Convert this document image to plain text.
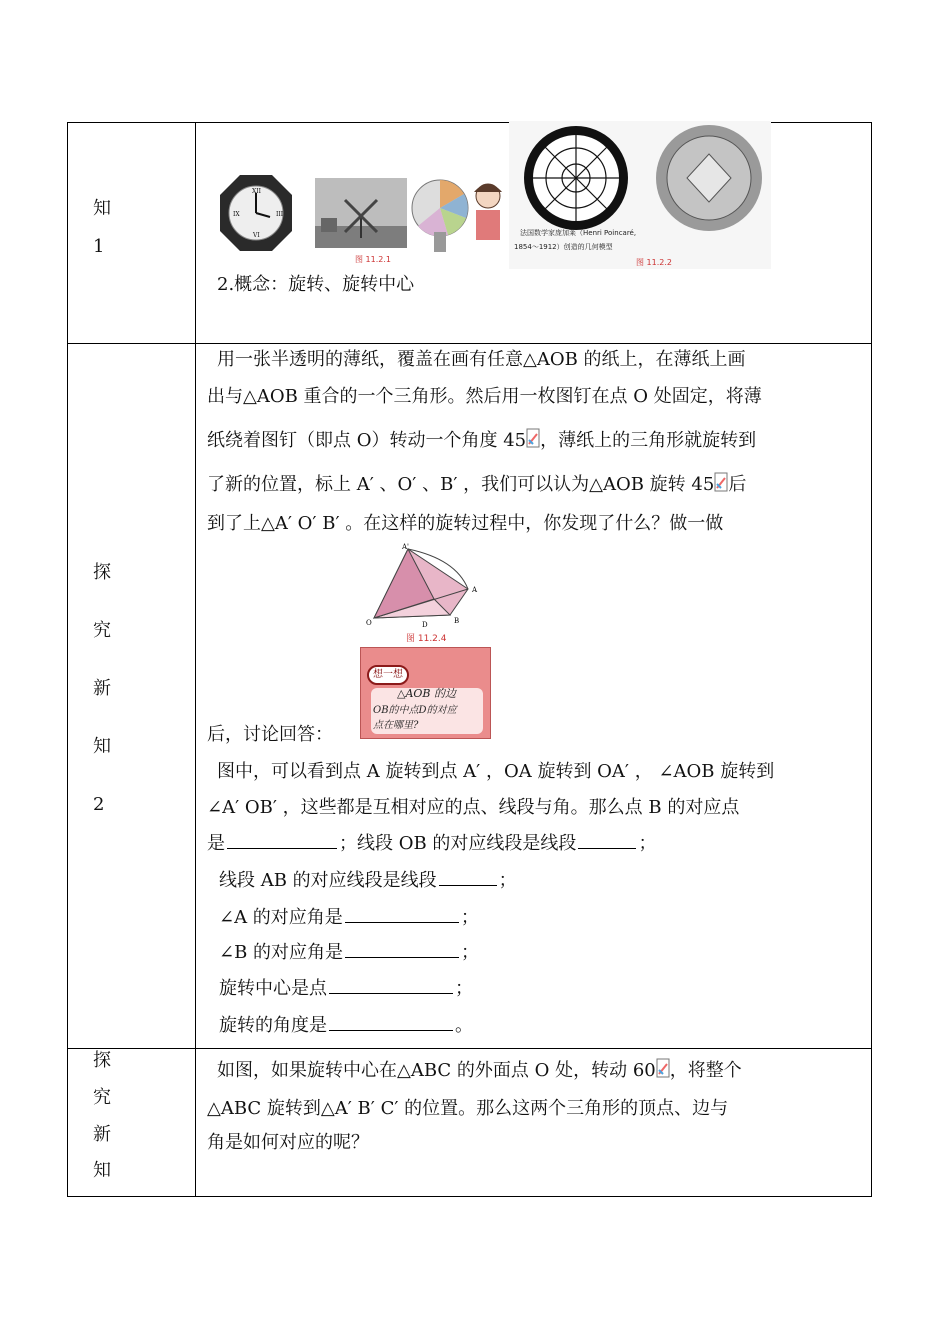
知
1
XII
III
VI
IX
图 11.2.1
法国数学家庞加莱（Henri Poincaré,
1854～1912）创造的几何模型
图 11.2.2
2.概念：旋转、旋转中心
探
究
新
知
2
用一张半透明的薄纸，覆盖在画有任意△AOB 的纸上，在薄纸上画
出与△AOB 重合的一个三角形。然后用一枚图钉在点 O 处固定，将薄
纸绕着图钉（即点 O）转动一个角度 45 ，薄纸上的三角形就旋转到
了新的位置，标上 A′ 、O′ 、B′ ，我们可以认为△AOB 旋转 45 后
到了上△A′ O′ B′ 。在这样的旋转过程中，你发现了什么？做一做
A'
A
O	D	B
图 11.2.4
想一想
△AOB 的边
OB的中点D的对应
点在哪里?
后，讨论回答：
图中，可以看到点 A 旋转到点 A′ ，OA 旋转到 OA′ ， ∠AOB 旋转到
∠A′ OB′ ，这些都是互相对应的点、线段与角。那么点 B 的对应点
是	；线段 OB 的对应线段是线段	；
线段 AB 的对应线段是线段	；
∠A 的对应角是	；
∠B 的对应角是	；
旋转中心是点	；
旋转的角度是	。
探
究
新
知
如图，如果旋转中心在△ABC 的外面点 O 处，转动 60 ，将整个
△ABC 旋转到△A′ B′ C′ 的位置。那么这两个三角形的顶点、边与
角是如何对应的呢？
